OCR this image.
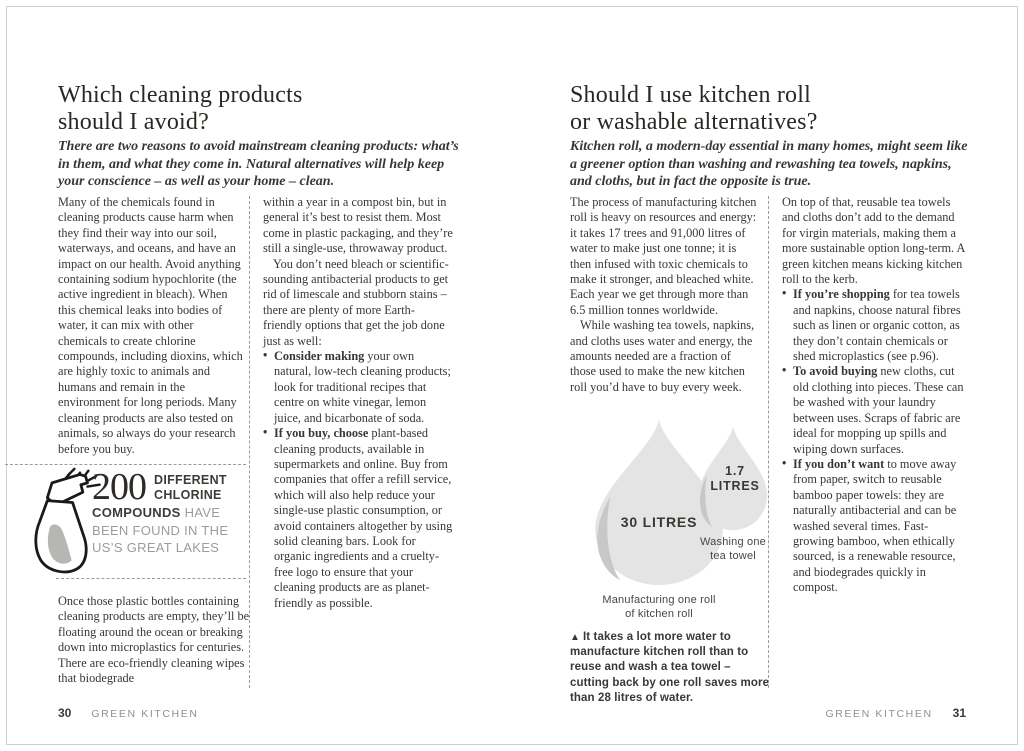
Which cleaning products
should I avoid?

There are two reasons to avoid mainstream cleaning products: what’s in them, and what they come in. Natural alternatives will help keep your conscience – as well as your home – clean.

Many of the chemicals found in cleaning products cause harm when they find their way into our soil, waterways, and oceans, and have an impact on our health. Avoid anything containing sodium hypochlorite (the active ingredient in bleach). When this chemical leaks into bodies of water, it can mix with other chemicals to create chlorine compounds, including dioxins, which are highly toxic to animals and humans and remain in the environment for long periods. Many cleaning products are also tested on animals, so always do your research before you buy.

200 DIFFERENT
CHLORINE
COMPOUNDS HAVE
BEEN FOUND IN THE
US’S GREAT LAKES

Once those plastic bottles containing cleaning products are empty, they’ll be floating around the ocean or breaking down into microplastics for centuries. There are eco-friendly cleaning wipes that biodegrade

within a year in a compost bin, but in general it’s best to resist them. Most come in plastic packaging, and they’re still a single-use, throwaway product.

You don’t need bleach or scientific-sounding antibacterial products to get rid of limescale and stubborn stains – there are plenty of more Earth-friendly options that get the job done just as well:

• Consider making your own natural, low-tech cleaning products; look for traditional recipes that centre on white vinegar, lemon juice, and bicarbonate of soda.
• If you buy, choose plant-based cleaning products, available in supermarkets and online. Buy from companies that offer a refill service, which will also help reduce your single-use plastic consumption, or avoid containers altogether by using solid cleaning bars. Look for organic ingredients and a cruelty-free logo to ensure that your cleaning products are as planet-friendly as possible.
Should I use kitchen roll
or washable alternatives?

Kitchen roll, a modern-day essential in many homes, might seem like a greener option than washing and rewashing tea towels, napkins, and cloths, but in fact the opposite is true.

The process of manufacturing kitchen roll is heavy on resources and energy: it takes 17 trees and 91,000 litres of water to make just one tonne; it is then infused with toxic chemicals to make it stronger, and bleached white. Each year we get through more than 6.5 million tonnes worldwide.

While washing tea towels, napkins, and cloths uses water and energy, the amounts needed are a fraction of those used to make the new kitchen roll you’d have to buy every week.

30 LITRES
1.7
LITRES
Washing one
tea towel
Manufacturing one roll
of kitchen roll
▲ It takes a lot more water to manufacture kitchen roll than to reuse and wash a tea towel – cutting back by one roll saves more than 28 litres of water.

On top of that, reusable tea towels and cloths don’t add to the demand for virgin materials, making them a more sustainable option long-term. A green kitchen means kicking kitchen roll to the kerb.

• If you’re shopping for tea towels and napkins, choose natural fibres such as linen or organic cotton, as they don’t contain chemicals or shed microplastics (see p.96).
• To avoid buying new cloths, cut old clothing into pieces. These can be washed with your laundry between uses. Scraps of fabric are ideal for mopping up spills and wiping down surfaces.
• If you don’t want to move away from paper, switch to reusable bamboo paper towels: they are naturally antibacterial and can be washed several times. Fast-growing bamboo, when ethically sourced, is a renewable resource, and biodegrades quickly in compost.
30 GREEN KITCHEN	GREEN KITCHEN 31
